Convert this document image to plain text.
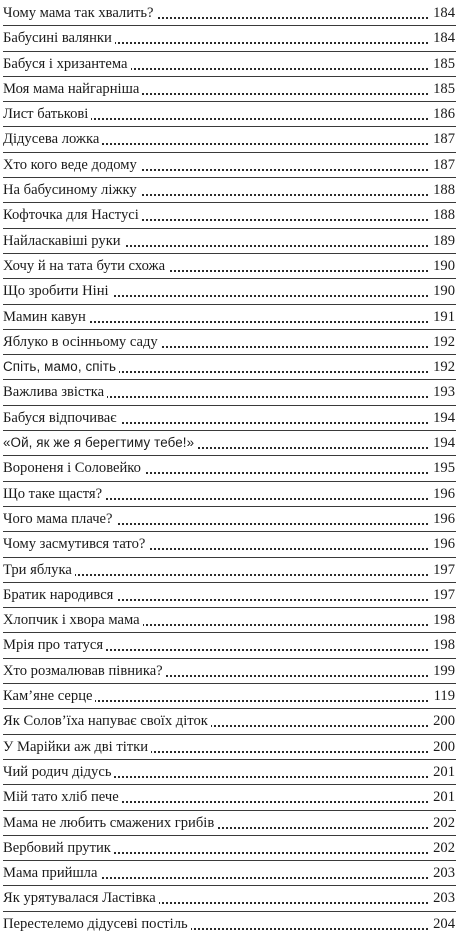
Чому мама так хвалить?	184
Бабусині валянки	184
Бабуся і хризантема	185
Моя мама найгарніша	185
Лист батькові	186
Дідусева ложка	187
Хто кого веде додому	187
На бабусиному ліжку	188
Кофточка для Настусі	188
Найласкавіші руки	189
Хочу й на тата бути схожа	190
Що зробити Ніні	190
Мамин кавун	191
Яблуко в осінньому саду	192
Спіть, мамо, спіть	192
Важлива звістка	193
Бабуся відпочиває	194
«Ой, як же я берегтиму тебе!»	194
Вороненя і Соловейко	195
Що таке щастя?	196
Чого мама плаче?	196
Чому засмутився тато?	196
Три яблука	197
Братик народився	197
Хлопчик і хвора мама	198
Мрія про татуся	198
Хто розмалював півника?	199
Кам’яне серце	119
Як Солов’їха напуває своїх діток	200
У Марійки аж дві тітки	200
Чий родич дідусь	201
Мій тато хліб пече	201
Мама не любить смажених грибів	202
Вербовий прутик	202
Мама прийшла	203
Як урятувалася Ластівка	203
Перестелемо дідусеві постіль	204
